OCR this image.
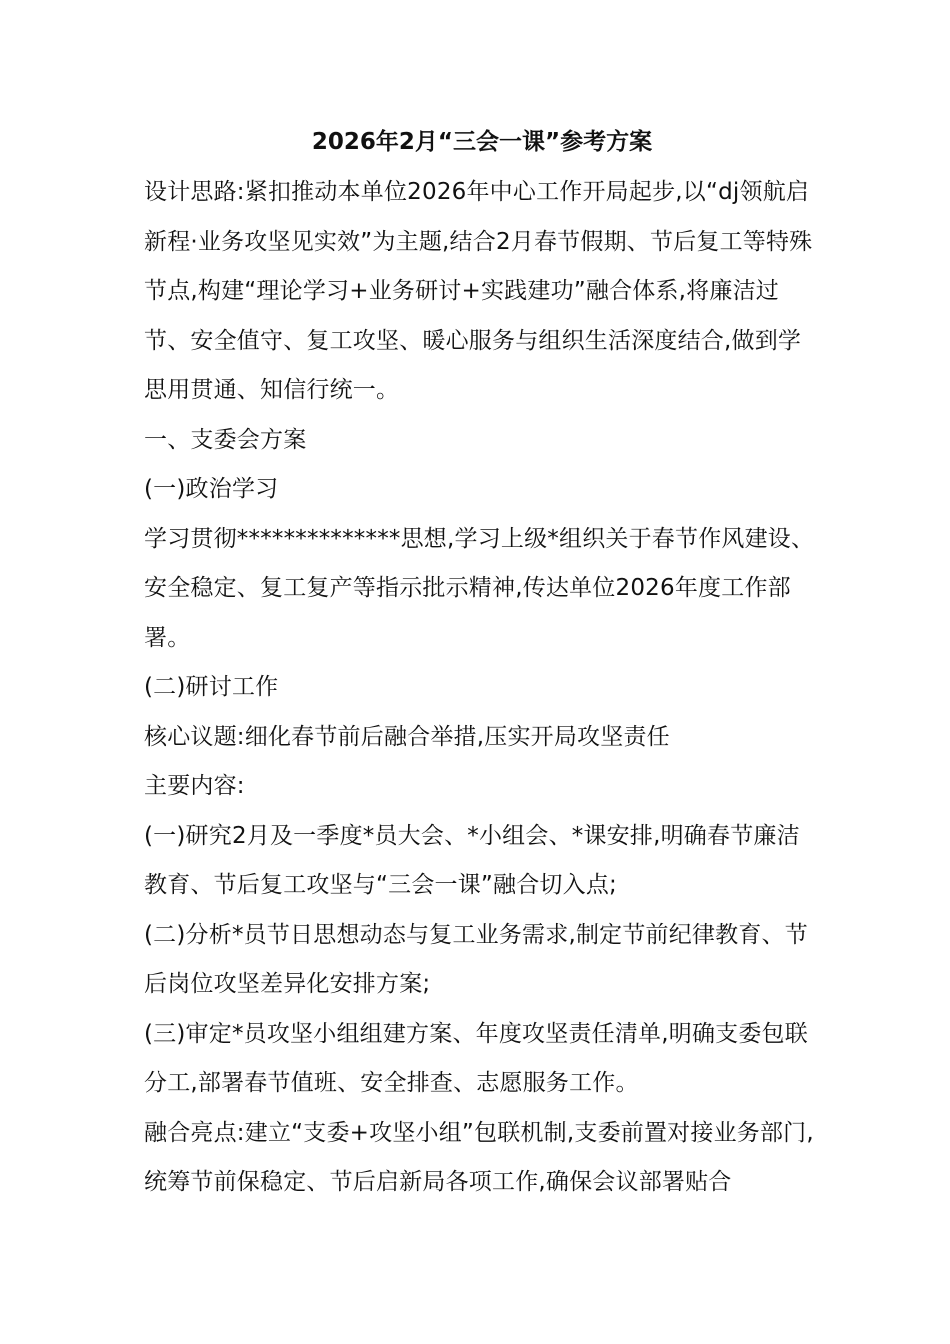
2026年2月“三会一课”参考方案

设计思路:紧扣推动本单位2026年中心工作开局起步,以“dj领航启新程·业务攻坚见实效”为主题,结合2月春节假期、节后复工等特殊节点,构建“理论学习+业务研讨+实践建功”融合体系,将廉洁过节、安全值守、复工攻坚、暖心服务与组织生活深度结合,做到学思用贯通、知信行统一。

一、支委会方案

(一)政治学习

学习贯彻**************思想,学习上级*组织关于春节作风建设、安全稳定、复工复产等指示批示精神,传达单位2026年度工作部署。

(二)研讨工作

核心议题:细化春节前后融合举措,压实开局攻坚责任

主要内容:

(一)研究2月及一季度*员大会、*小组会、*课安排,明确春节廉洁教育、节后复工攻坚与“三会一课”融合切入点;

(二)分析*员节日思想动态与复工业务需求,制定节前纪律教育、节后岗位攻坚差异化安排方案;

(三)审定*员攻坚小组组建方案、年度攻坚责任清单,明确支委包联分工,部署春节值班、安全排查、志愿服务工作。

融合亮点:建立“支委+攻坚小组”包联机制,支委前置对接业务部门,统筹节前保稳定、节后启新局各项工作,确保会议部署贴合
